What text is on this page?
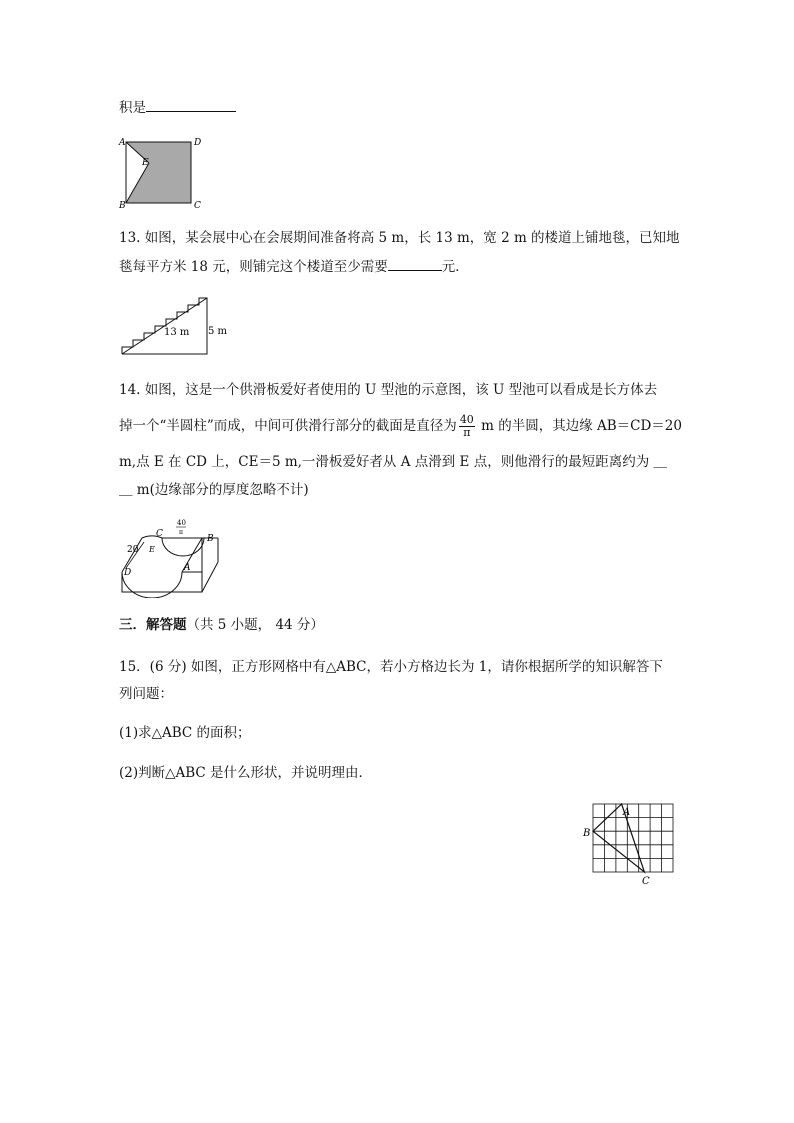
积是
A	D
E
B	C
13. 如图，某会展中心在会展期间准备将高 5 m，长 13 m，宽 2 m 的楼道上铺地毯，已知地
毯每平方米 18 元，则铺完这个楼道至少需要	元．
13 m 5 m
14. 如图，这是一个供滑板爱好者使用的 U 型池的示意图，该 U 型池可以看成是长方体去
掉一个“半圆柱”而成，中间可供滑行部分的截面是直径为 $\frac{40}{\pi}$ m 的半圆，其边缘 AB＝CD＝20
m,点 E 在 CD 上，CE＝5 m,一滑板爱好者从 A 点滑到 E 点，则他滑行的最短距离约为 ＿
＿ m(边缘部分的厚度忽略不计)
20
40
π
C
E
B
D	A
三．解答题（共 5 小题， 44 分）
15．(6 分) 如图，正方形网格中有△ABC，若小方格边长为 1，请你根据所学的知识解答下
列问题：
(1)求△ABC 的面积；
(2)判断△ABC 是什么形状，并说明理由．
A
B
C
